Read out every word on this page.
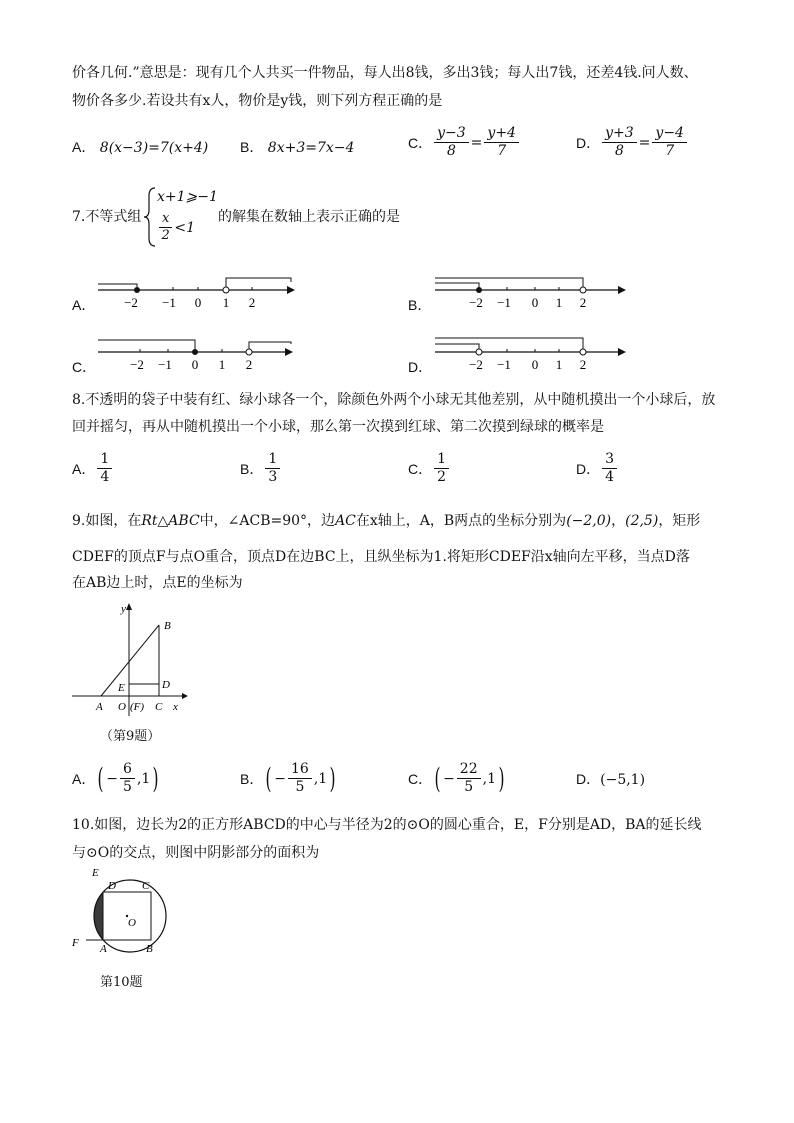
价各几何.”意思是：现有几个人共买一件物品，每人出8钱，多出3钱；每人出7钱，还差4钱.问人数、
物价各多少.若设共有x人，物价是y钱，则下列方程正确的是
A． 8(x−3)=7(x+4) B． 8x+3=7x−4	C． $\frac{y-3}{8} = \frac{y+4}{7}$	D． $\frac{y+3}{8} = \frac{y-4}{7}$
7.不等式组
x+1⩾−1
$\frac{x}{2} <1$
的解集在数轴上表示正确的是
A． −2 −1 0 1 2	B．	−2 −1 0 1 2
C．	−2 −1 0 1 2	D．	−2 −1 0 1 2
8.不透明的袋子中装有红、绿小球各一个，除颜色外两个小球无其他差别，从中随机摸出一个小球后，放
回并摇匀，再从中随机摸出一个小球，那么第一次摸到红球、第二次摸到绿球的概率是
A． $\frac{1}{4}$	B． $\frac{1}{3}$	C． $\frac{1}{2}$	D． $\frac{3}{4}$
9.如图，在Rt△ABC中，∠ACB=90°，边AC在x轴上，A，B两点的坐标分别为(−2,0)，(2,5)，矩形
CDEF的顶点F与点O重合，顶点D在边BC上，且纵坐标为1.将矩形CDEF沿x轴向左平移，当点D落
在AB边上时，点E的坐标为
y
B
E	D
A O (F) C x
（第9题）
A． ( − $\frac{6}{5} ,1$ )	B． ( − $\frac{16}{5} ,1$ )	C． ( − $\frac{22}{5} ,1$ )	D．(−5,1)
10.如图，边长为2的正方形ABCD的中心与半径为2的⊙O的圆心重合，E，F分别是AD，BA的延长线
与⊙O的交点，则图中阴影部分的面积为
E
D C
O
F A	B
第10题
